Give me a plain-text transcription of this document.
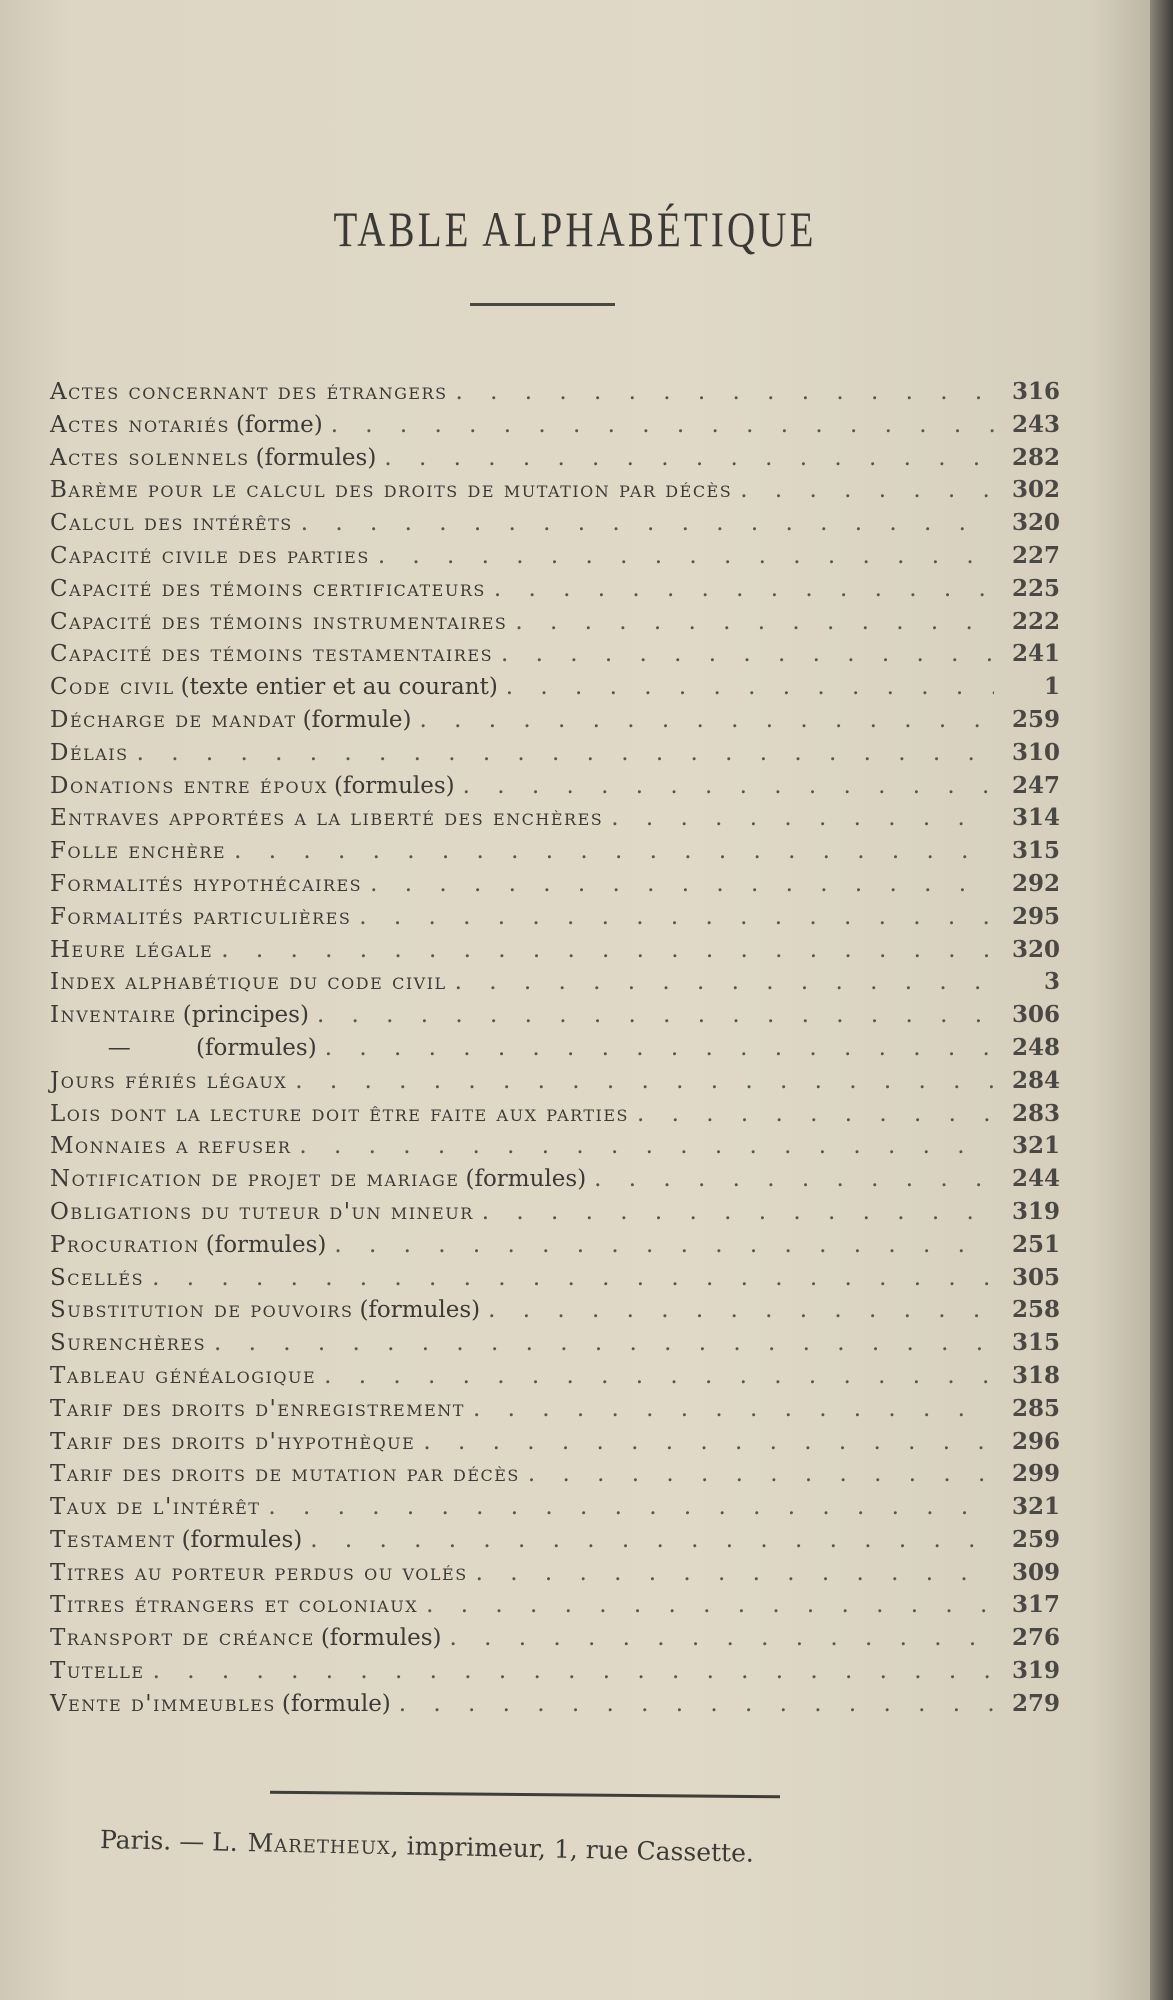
TABLE ALPHABÉTIQUE
Actes concernant des étrangers . . .	316
Actes notariés (forme) . . .	243
Actes solennels (formules) . . .	282
Barème pour le calcul des droits de mutation par décès . . .	302
Calcul des intérêts . . .	320
Capacité civile des parties . . .	227
Capacité des témoins certificateurs . . .	225
Capacité des témoins instrumentaires . . .	222
Capacité des témoins testamentaires . . .	241
Code civil (texte entier et au courant) . . .	1
Décharge de mandat (formule) . . .	259
Délais . . .	310
Donations entre époux (formules) . . .	247
Entraves apportées a la liberté des enchères . . .	314
Folle enchère . . .	315
Formalités hypothécaires . . .	292
Formalités particulières . . .	295
Heure légale . . .	320
Index alphabétique du code civil . . .	3
Inventaire (principes) . . .	306
—	(formules) . . .	248
Jours fériés légaux . . .	284
Lois dont la lecture doit être faite aux parties . . .	283
Monnaies a refuser . . .	321
Notification de projet de mariage (formules) . . .	244
Obligations du tuteur d'un mineur . . .	319
Procuration (formules) . . .	251
Scellés . . .	305
Substitution de pouvoirs (formules) . . .	258
Surenchères . . .	315
Tableau généalogique . . .	318
Tarif des droits d'enregistrement . . .	285
Tarif des droits d'hypothèque . . .	296
Tarif des droits de mutation par décès . . .	299
Taux de l'intérêt . . .	321
Testament (formules) . . .	259
Titres au porteur perdus ou volés . . .	309
Titres étrangers et coloniaux . . .	317
Transport de créance (formules) . . .	276
Tutelle . . .	319
Vente d'immeubles (formule) . . .	279
Paris. — L. Maretheux, imprimeur, 1, rue Cassette.
